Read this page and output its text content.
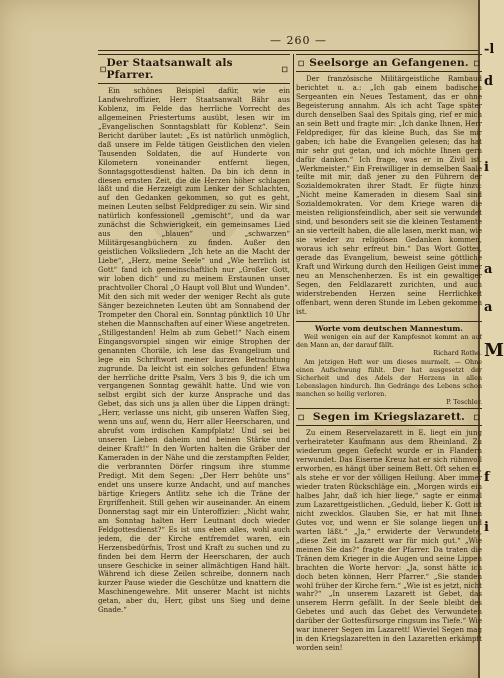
-l
d
i
a
a
M
f
i
— 260 —
☐ Der Staatsanwalt als Pfarrer.	☐

Ein schönes Beispiel dafür, wie ein Landwehroffizier, Herr Staatsanwalt Bähr aus Koblenz, im Felde das herrliche Vorrecht des allgemeinen Priestertums ausübt, lesen wir im „Evangelischen Sonntagsblatt für Koblenz“. Sein Bericht darüber lautet: „Es ist natürlich unmöglich, daß unsere im Felde tätigen Geistlichen den vielen Tausenden Soldaten, die auf Hunderte von Kilometern voneinander entfernt liegen, Sonntagsgottesdienst halten. Da bin ich denn in diesen ernsten Zeit, die die Herzen höher schlagen läßt und die Herzzeigt zum Lenker der Schlachten, auf den Gedanken gekommen, so gut es geht, meinen Leuten selbst Feldprediger zu sein. Wir sind natürlich konfessionell „gemischt“, und da war zunächst die Schwierigkeit, ein gemeinsames Lied aus den „blauen“ und „schwarzen“ Militärgesangbüchern zu finden. Außer den geistlichen Volksliedern „Ich hete an die Macht der Liebe“, „Herz, meine Seele“ und „Wie herrlich ist Gott“ fand ich gemeinschaftlich nur „Großer Gott, wir loben dich“ und zu meinem Erstaunen unser prachtvoller Choral „O Haupt voll Blut und Wunden“. Mit den sich mit weder der weniger Recht als gute Sänger bezeichneten Leuten übt am Sonnabend der Trompeter den Choral ein. Sonntag pünktlich 10 Uhr stehen die Mannschaften auf einer Wiese angetreten. „Stillgestanden! Helm ab zum Gebet!“ Nach einem Eingangsvorspiel singen wir einige Strophen der genannten Choräle, ich lese das Evangelium und lege ein Schriftwort meiner kurzen Betrachtung zugrunde. Da leicht ist ein solches gefunden! Etwa der herrliche dritte Psalm, Vers 3 bis 9, die ich um vergangenen Sonntag gewählt hatte. Und wie von selbst ergibt sich der kurze Ansprache und das Gebet, das sich uns ja allen über die Lippen drängt: „Herr, verlasse uns nicht, gib unseren Waffen Sieg, wenn uns auf, wenn du, Herr aller Heerscharen, und abrufst vom irdischen Kampfplatz! Und sei bei unseren Lieben daheim und beinen Stärke und deiner Kraft!“ In den Worten halten die Gräber der Kameraden in der Nähe und die zerstampften Felder, die verbrannten Dörfer ringsum ihre stumme Predigt. Mit dem Segen: „Der Herr behüte uns“ endet uns unsere kurze Andacht, und auf manches bärtige Kriegers Antlitz sehe ich die Träne der Ergriffenheit. Still gehen wir auseinander. An einem Donnerstag sagt mir ein Unteroffizier: „Nicht wahr, am Sonntag halten Herr Leutnant doch wieder Feldgottesdienst?“ Es ist uns eben alles, wohl auch jedem, die der Kirche entfremdet waren, ein Herzensbedürfnis, Trost und Kraft zu suchen und zu finden bei dem Herrn der Heerscharen, der auch unsere Geschicke in seiner allmächtigen Hand hält. Während ich diese Zeilen schreibe, donnern nach kurzer Pause wieder die Geschütze und knattern die Maschinengewehre. Mit unserer Macht ist nichts getan, aber du, Herr, gibst uns Sieg und deine Gnade.“

☐ Seelsorge an Gefangenen. ☐

Der französische Militärgeistliche Rambaud berichtet u. a.: „Ich gab einem badischen Sergeanten ein Neues Testament, das er ohne Begeisterung annahm. Als ich acht Tage später durch denselben Saal des Spitals ging, rief er mich an sein Bett und fragte mir: „Ich danke Ihnen, Herr Feldprediger, für das kleine Buch, das Sie mir gaben; ich habe die Evangelien gelesen; das hat mir sehr gut getan, und ich möchte Ihnen gern dafür danken.“ Ich frage, was er in Zivil ist. „Werkmeister.“ Ein Freiwilliger in demselben Saale teilte mit mir, daß jener zu den Führern der Sozialdemokraten ihrer Stadt. Er fügte hinzu: „Nicht meine Kameraden in diesem Saal sind Sozialdemokraten. Vor dem Kriege waren die meisten religionsfeindlich, aber seit sie verwundet sind, und besonders seit sie die kleinen Testamente an sie verteilt haben, die alle lasen, merkt man, wie sie wieder zu religiösen Gedanken kommen, woraus ich sehr erfreut bin.“ Das Wort Gottes, gerade das Evangelium, beweist seine göttliche Kraft und Wirkung durch den Heiligen Geist immer neu an Menschenherzen. Es ist ein gewaltiger Segen, den Feldlazarett zurichten, und auch widerstrebenden Herzen seine Herrlichkeit offenbart, wenn deren Stunde im Leben gekommen ist.

Worte vom deutschen Mannestum.

Weil wenigen ein auf der Kampfesnot kommt an auf den Mann an, der darauf fällt.

Richard Rothe.

Am jetzigen Heft wer um dieses murmelt. — Ohne einen Aufschwung fühlt. Der hat ausgesetzt der Sicherheit und des Adels der Herzens in allen Lebenslagen hindurch. Ihn Gedränge des Lebens schon manchen so heilig verloren.

P. Teschler.

☐ Segen im Kriegslazarett. ☐

Zu einem Reservelazarett in E. liegt ein jung verheirateter Kaufmann aus dem Rheinland. Zu wiederum gegen Gefecht wurde er in Flandern verwundet. Das Eiserne Kreuz hat er sich rühmvoll erworben, es hängt über seinem Bett. Oft sehen es, als stehe er vor der völligen Heilung. Aber immer wieder traten Rückschläge ein. „Morgen wirds ein halbes Jahr, daß ich hier liege,“ sagte er einmal zum Lazarettgeistlichen. „Geduld, lieber K. Gott ist nicht zwecklos. Glauben Sie, er hat mit Ihnen Gutes vor, und wenn er Sie solange liegen und warten läßt.“ „Ja,“ erwiderte der Verwundete, „diese Zeit im Lazarett war für mich gut.“ „Wie meinen Sie das?“ fragte der Pfarrer. Da traten die Tränen dem Krieger in die Augen und seine Lippen brachten die Worte hervor: „Ja, sonst hätte ich doch beten können, Herr Pfarrer.“ „Sie standen wohl früher der Kirche fern.“ „Wie ist es jetzt, nicht wahr?“ „In unserem Lazarett ist Gebet, das unserem Herrn gefällt. In der Seele bleibt des Gebetes und auch das Gebet des Verwundeten darüber der Gottesfürsorge ringsum ins Tiefe.“ Wie war innerer Segen im Lazarett! Wieviel Segen mag in den Kriegslazaretten in den Lazaretten erkämpft worden sein!
